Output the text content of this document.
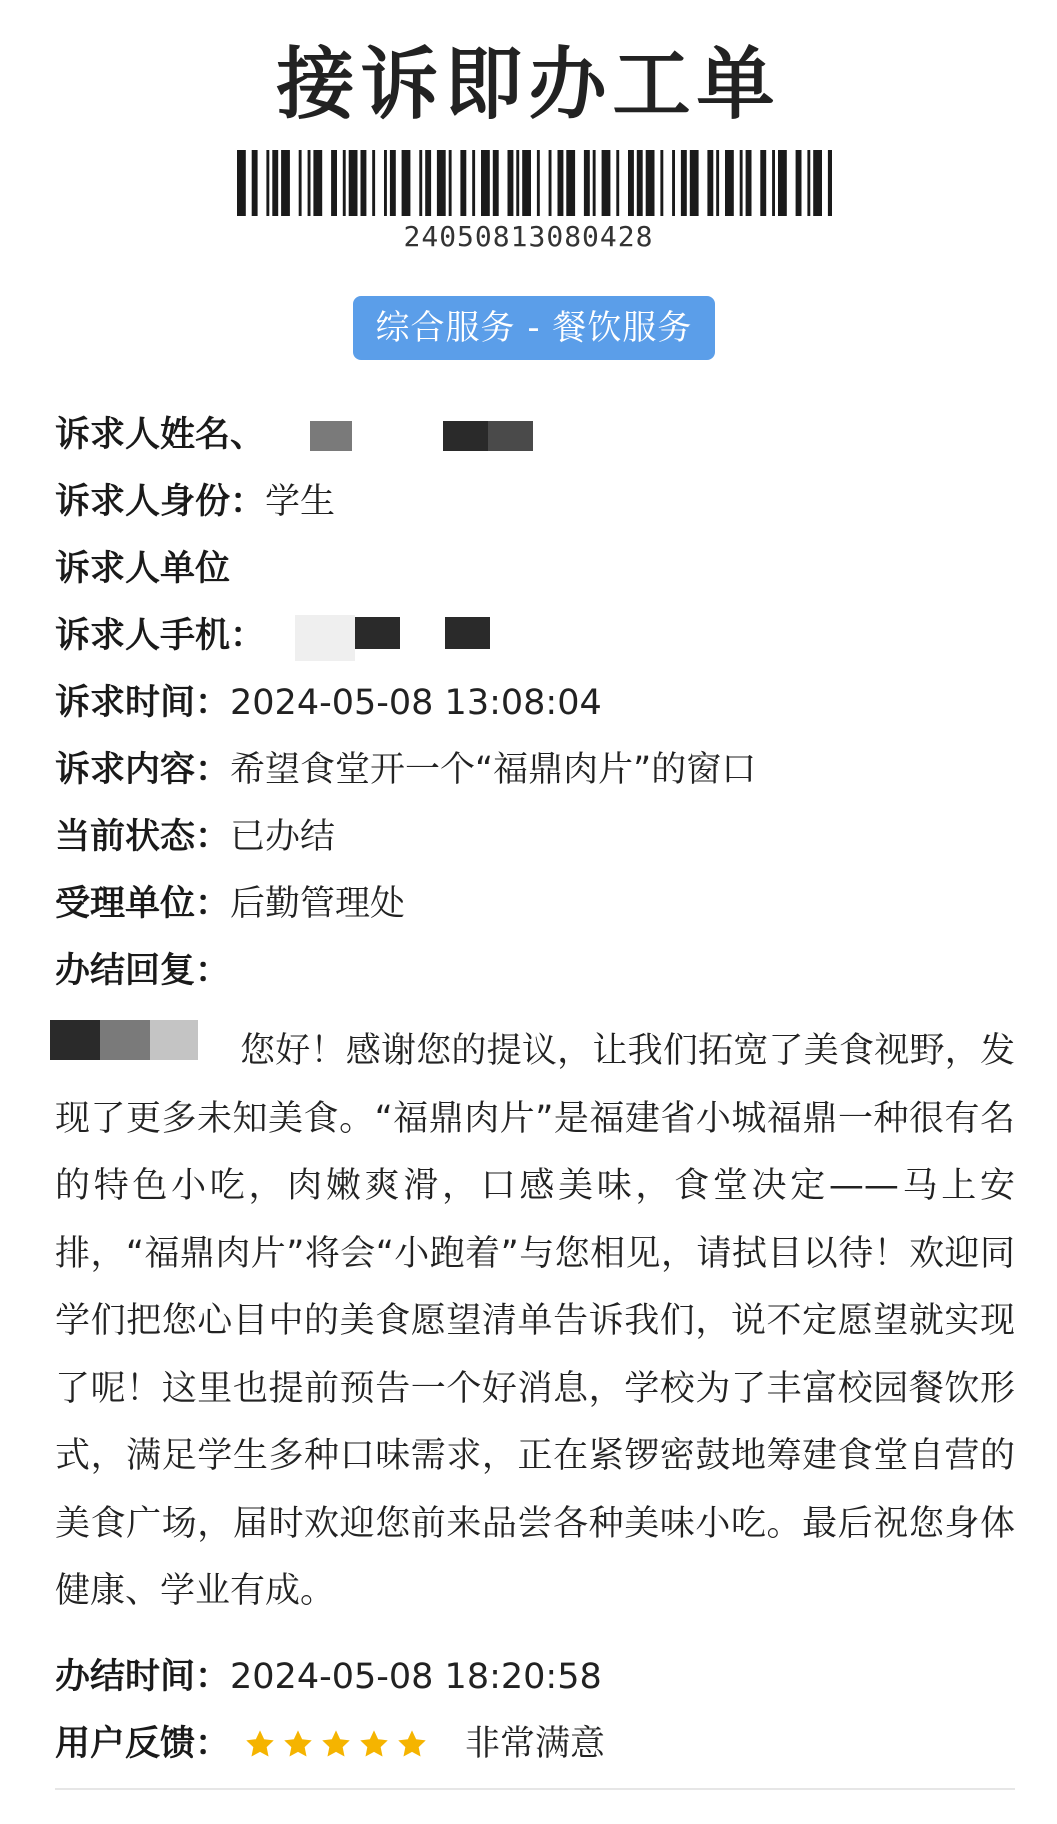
接诉即办工单
24050813080428
综合服务 - 餐饮服务
诉求人姓名、
诉求人身份：学生
诉求人单位
诉求人手机：
诉求时间：2024-05-08 13:08:04
诉求内容：希望食堂开一个“福鼎肉片”的窗口
当前状态：已办结
受理单位：后勤管理处
办结回复：

您好！感谢您的提议，让我们拓宽了美食视野，发现了更多未知美食。“福鼎肉片”是福建省小城福鼎一种很有名的特色小吃，肉嫩爽滑，口感美味，食堂决定——马上安排，“福鼎肉片”将会“小跑着”与您相见，请拭目以待！欢迎同学们把您心目中的美食愿望清单告诉我们，说不定愿望就实现了呢！这里也提前预告一个好消息，学校为了丰富校园餐饮形式，满足学生多种口味需求，正在紧锣密鼓地筹建食堂自营的美食广场，届时欢迎您前来品尝各种美味小吃。最后祝您身体健康、学业有成。

办结时间：2024-05-08 18:20:58
用户反馈：	非常满意
